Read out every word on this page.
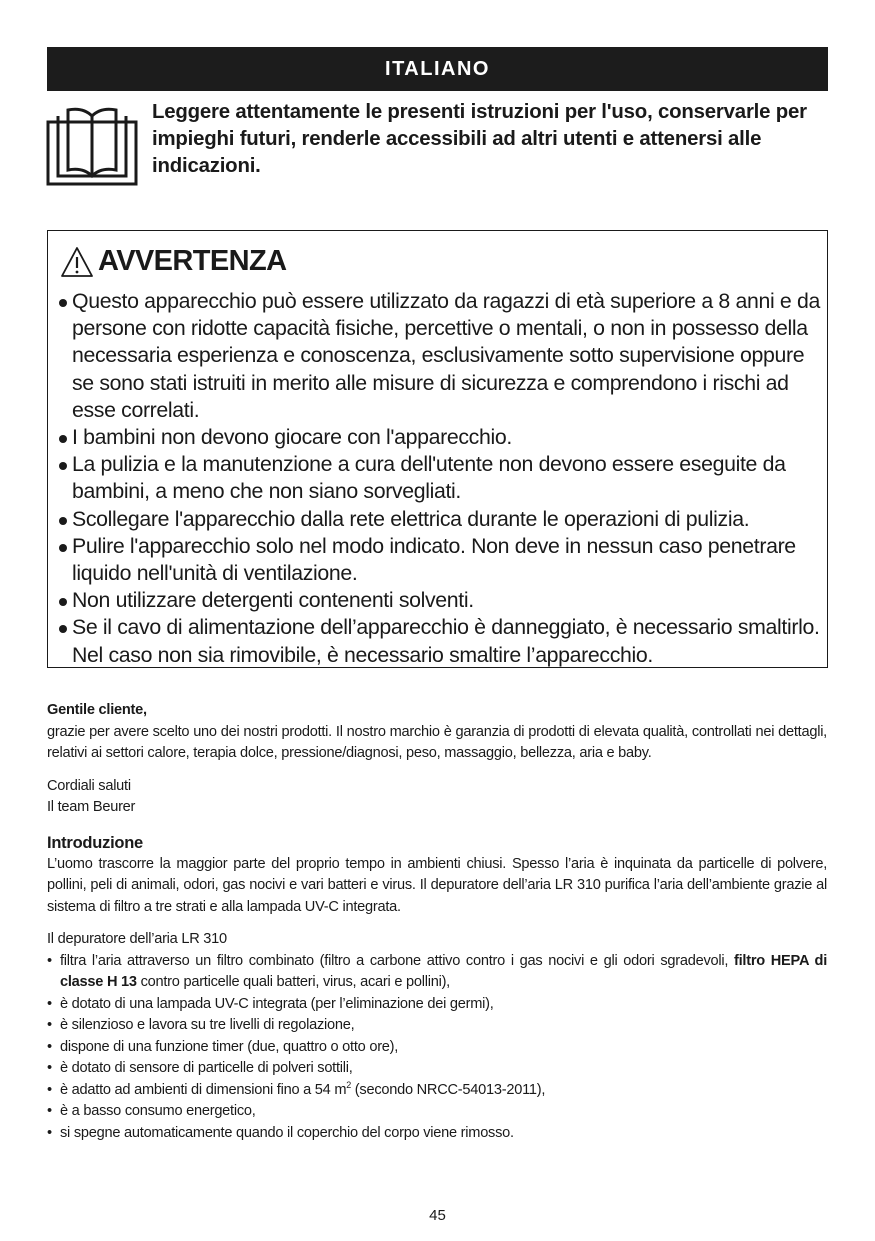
ITALIANO
Leggere attentamente le presenti istruzioni per l'uso, conservarle per impieghi futuri, renderle accessibili ad altri utenti e attenersi alle indicazioni.
AVVERTENZA
Questo apparecchio può essere utilizzato da ragazzi di età superiore a 8 anni e da persone con ridotte capacità fisiche, percettive o mentali, o non in possesso della necessaria esperienza e conoscenza, esclusivamente sotto supervisione oppure se sono stati istruiti in merito alle misure di sicurezza e comprendono i rischi ad esse correlati.
I bambini non devono giocare con l'apparecchio.
La pulizia e la manutenzione a cura dell'utente non devono essere eseguite da bambini, a meno che non siano sorvegliati.
Scollegare l'apparecchio dalla rete elettrica durante le operazioni di pulizia.
Pulire l'apparecchio solo nel modo indicato. Non deve in nessun caso penetrare liquido nell'unità di ventilazione.
Non utilizzare detergenti contenenti solventi.
Se il cavo di alimentazione dell’apparecchio è danneggiato, è necessario smaltirlo. Nel caso non sia rimovibile, è necessario smaltire l’apparecchio.

Gentile cliente,

grazie per avere scelto uno dei nostri prodotti. Il nostro marchio è garanzia di prodotti di elevata qualità, controllati nei dettagli, relativi ai settori calore, terapia dolce, pressione/diagnosi, peso, massaggio, bellezza, aria e baby.

Cordiali saluti

Il team Beurer

Introduzione

L’uomo trascorre la maggior parte del proprio tempo in ambienti chiusi. Spesso l’aria è inquinata da particelle di polvere, pollini, peli di animali, odori, gas nocivi e vari batteri e virus. Il depuratore dell’aria LR 310 purifica l’aria dell’ambiente grazie al sistema di filtro a tre strati e alla lampada UV-C integrata.

Il depuratore dell’aria LR 310

• filtra l’aria attraverso un filtro combinato (filtro a carbone attivo contro i gas nocivi e gli odori sgradevoli, filtro HEPA di classe H 13 contro particelle quali batteri, virus, acari e pollini),
• è dotato di una lampada UV-C integrata (per l’eliminazione dei germi),
• è silenzioso e lavora su tre livelli di regolazione,
• dispone di una funzione timer (due, quattro o otto ore),
• è dotato di sensore di particelle di polveri sottili,
• è adatto ad ambienti di dimensioni fino a 54 $m^2$ (secondo NRCC-54013-2011),
• è a basso consumo energetico,
• si spegne automaticamente quando il coperchio del corpo viene rimosso.
45
